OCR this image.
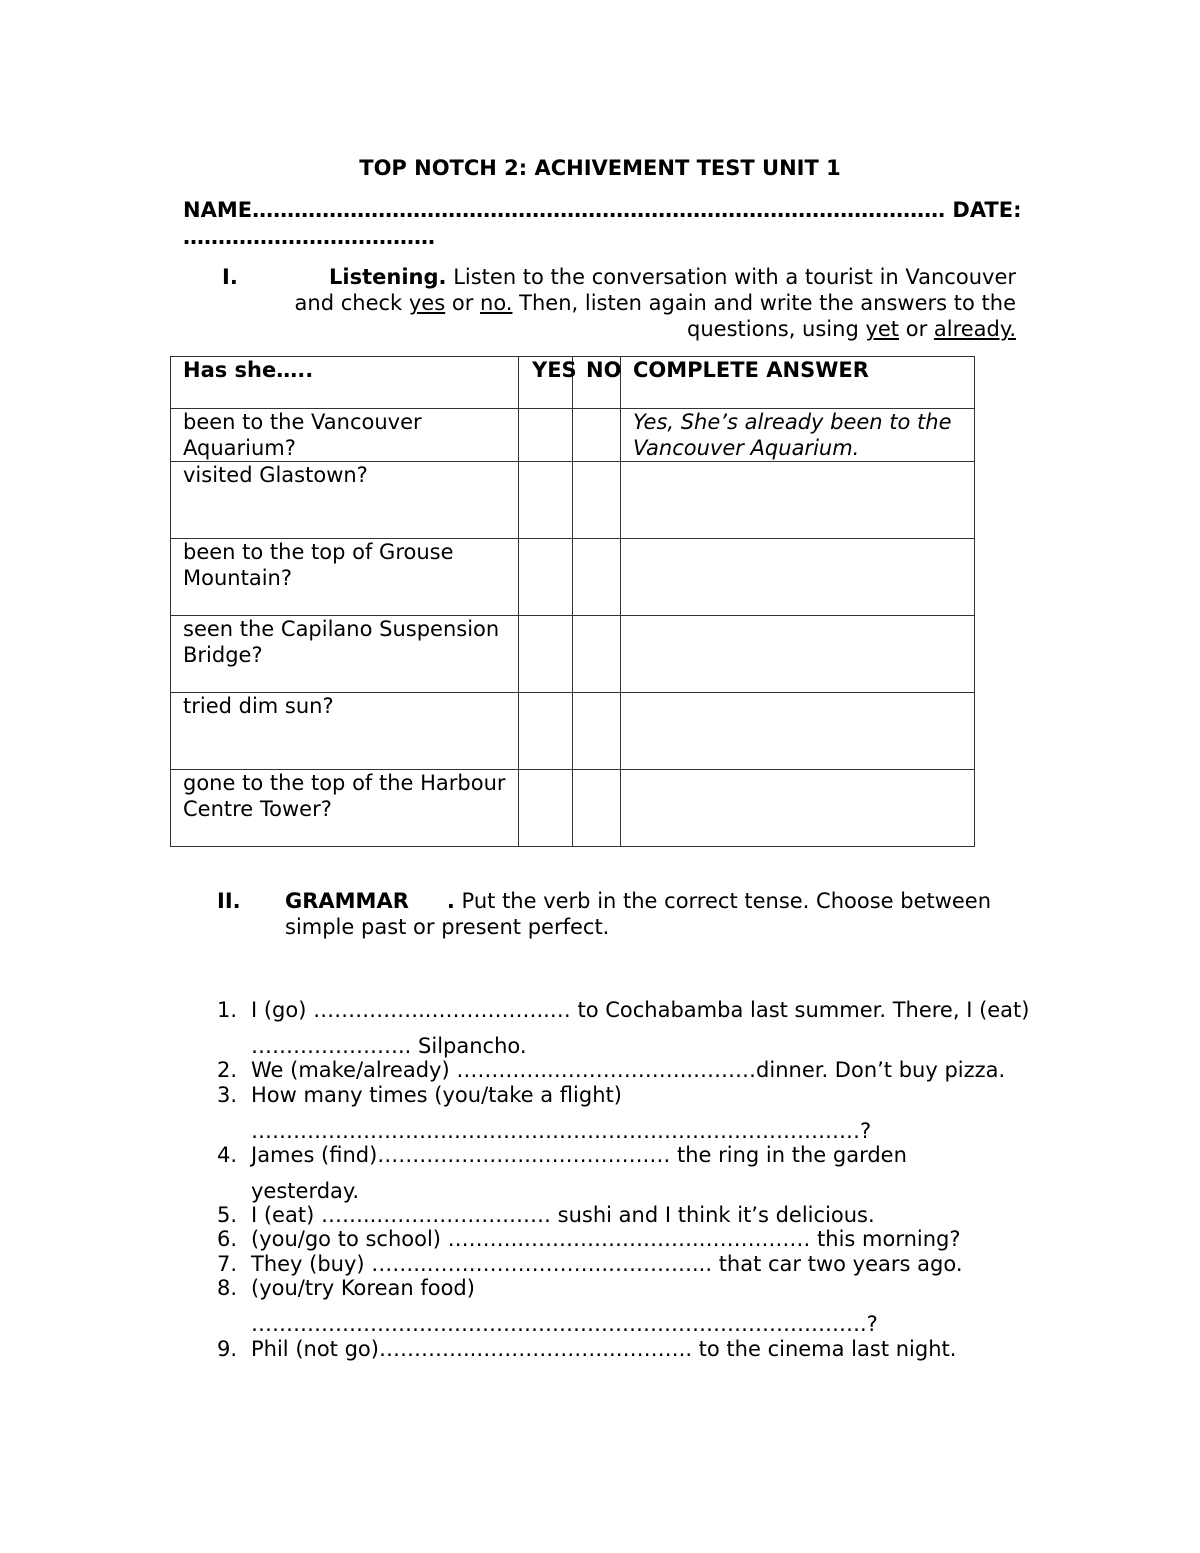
TOP NOTCH 2: ACHIVEMENT TEST UNIT 1
NAME……………………………………………………………………………………… DATE:
………………………………
I.	Listening. Listen to the conversation with a tourist in Vancouver and check yes or no. Then, listen again and write the answers to the questions, using yet or already.
Has she…..	YES	NO	COMPLETE ANSWER
been to the Vancouver Aquarium?			Yes, She’s already been to the Vancouver Aquarium.
visited Glastown?			
been to the top of Grouse Mountain?			
seen the Capilano Suspension Bridge?			
tried dim sun?			
gone to the top of the Harbour Centre Tower?			
II. GRAMMAR . Put the verb in the correct tense. Choose between simple past or present perfect.
1. I (go) ……………..……………..… to Cochabamba last summer. There, I (eat)
………………….. Silpancho.
2. We (make/already) …………..………………..………dinner. Don’t buy pizza.
3. How many times (you/take a flight)
……………………………………………………………………………?
4. James (find)…………………..…………….… the ring in the garden
yesterday.
5. I (eat) ……..……………….…… sushi and I think it’s delicious.
6. (you/go to school) ………..…………………….……….…… this morning?
7. They (buy) ……..……………………..…………... that car two years ago.
8. (you/try Korean food)
…………………………………………………………………………….?
9. Phil (not go)…………..………………..……….. to the cinema last night.
